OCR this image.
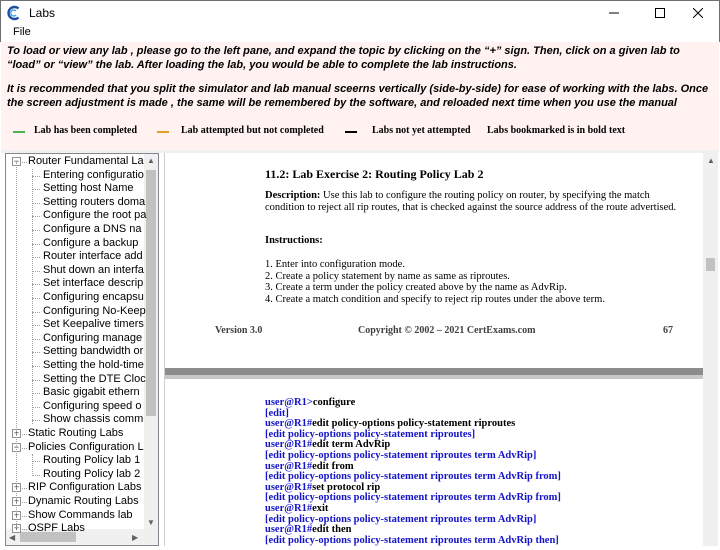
Labs
File
To load or view any lab , please go to the left pane, and expand the topic by clicking on the “+” sign. Then, click on a given lab to “load” or “view” the lab. After loading the lab, you would be able to complete the lab instructions.
It is recommended that you split the simulator and lab manual sceerns vertically (side-by-side) for ease of working with the labs. Once the screen adjustment is made , the same will be remembered by the software, and reloaded next time when you use the manual
Lab has been completed	Lab attempted but not completed	Labs not yet attempted Labs bookmarked is in bold text
▲
▼
◀	▶
− Router Fundamental La
Entering configuratio
Setting host Name
Setting routers doma
Configure the root pa
Configure a DNS na
Configure a backup
Router interface add
Shut down an interfa
Set interface descrip
Configuring encapsu
Configuring No-Keep
Set Keepalive timers
Configuring manage
Setting bandwidth or
Setting the hold-time
Setting the DTE Cloc
Basic gigabit ethern
Configuring speed o
Show chassis comm
+ Static Routing Labs
− Policies Configuration L
Routing Policy lab 1
Routing Policy lab 2
+ RIP Configuration Labs
+ Dynamic Routing Labs
+ Show Commands lab
+ OSPF Labs
11.2: Lab Exercise 2: Routing Policy Lab 2
Description: Use this lab to configure the routing policy on router, by specifying the match condition to reject all rip routes, that is checked against the source address of the route advertised.
Instructions:
1. Enter into configuration mode.
2. Create a policy statement by name as same as riproutes.
3. Create a term under the policy created above by the name as AdvRip.
4. Create a match condition and specify to reject rip routes under the above term.
Version 3.0	Copyright © 2002 – 2021 CertExams.com	67
user@R1>configure
[edit]
user@R1#edit policy-options policy-statement riproutes
[edit policy-options policy-statement riproutes]
user@R1#edit term AdvRip
[edit policy-options policy-statement riproutes term AdvRip]
user@R1#edit from
[edit policy-options policy-statement riproutes term AdvRip from]
user@R1#set protocol rip
[edit policy-options policy-statement riproutes term AdvRip from]
user@R1#exit
[edit policy-options policy-statement riproutes term AdvRip]
user@R1#edit then
[edit policy-options policy-statement riproutes term AdvRip then]
▲
